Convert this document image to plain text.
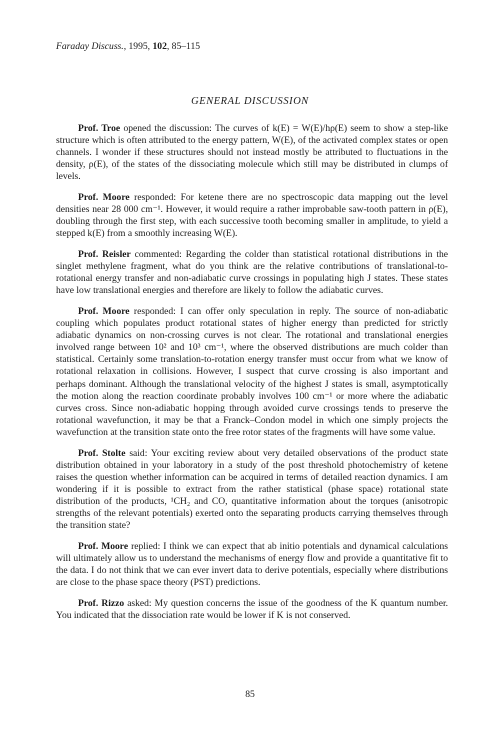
Faraday Discuss., 1995, 102, 85–115
GENERAL DISCUSSION

Prof. Troe opened the discussion: The curves of k(E) = W(E)/hρ(E) seem to show a step-like structure which is often attributed to the energy pattern, W(E), of the activated complex states or open channels. I wonder if these structures should not instead mostly be attributed to fluctuations in the density, ρ(E), of the states of the dissociating molecule which still may be distributed in clumps of levels.

Prof. Moore responded: For ketene there are no spectroscopic data mapping out the level densities near 28 000 cm⁻¹. However, it would require a rather improbable saw-tooth pattern in ρ(E), doubling through the first step, with each successive tooth becoming smaller in amplitude, to yield a stepped k(E) from a smoothly increasing W(E).

Prof. Reisler commented: Regarding the colder than statistical rotational distributions in the singlet methylene fragment, what do you think are the relative contributions of translational-to-rotational energy transfer and non-adiabatic curve crossings in populating high J states. These states have low translational energies and therefore are likely to follow the adiabatic curves.

Prof. Moore responded: I can offer only speculation in reply. The source of non-adiabatic coupling which populates product rotational states of higher energy than predicted for strictly adiabatic dynamics on non-crossing curves is not clear. The rotational and translational energies involved range between 10² and 10³ cm⁻¹, where the observed distributions are much colder than statistical. Certainly some translation-to-rotation energy transfer must occur from what we know of rotational relaxation in collisions. However, I suspect that curve crossing is also important and perhaps dominant. Although the translational velocity of the highest J states is small, asymptotically the motion along the reaction coordinate probably involves 100 cm⁻¹ or more where the adiabatic curves cross. Since non-adiabatic hopping through avoided curve crossings tends to preserve the rotational wavefunction, it may be that a Franck–Condon model in which one simply projects the wavefunction at the transition state onto the free rotor states of the fragments will have some value.

Prof. Stolte said: Your exciting review about very detailed observations of the product state distribution obtained in your laboratory in a study of the post threshold photochemistry of ketene raises the question whether information can be acquired in terms of detailed reaction dynamics. I am wondering if it is possible to extract from the rather statistical (phase space) rotational state distribution of the products, ¹CH₂ and CO, quantitative information about the torques (anisotropic strengths of the relevant potentials) exerted onto the separating products carrying themselves through the transition state?

Prof. Moore replied: I think we can expect that ab initio potentials and dynamical calculations will ultimately allow us to understand the mechanisms of energy flow and provide a quantitative fit to the data. I do not think that we can ever invert data to derive potentials, especially where distributions are close to the phase space theory (PST) predictions.

Prof. Rizzo asked: My question concerns the issue of the goodness of the K quantum number. You indicated that the dissociation rate would be lower if K is not conserved.

85
